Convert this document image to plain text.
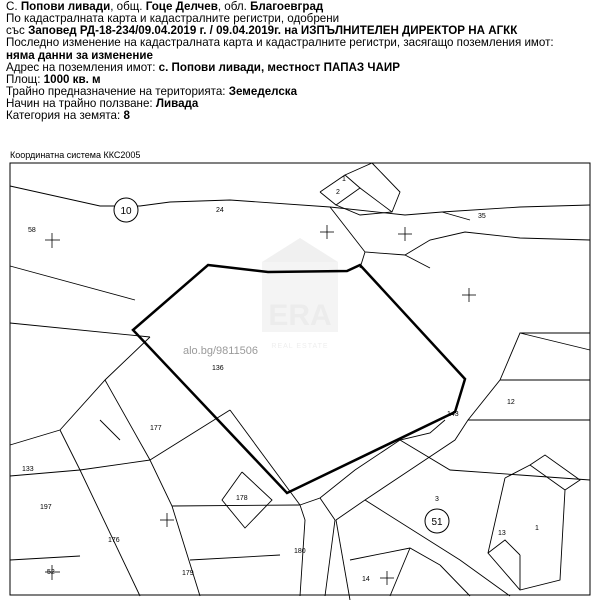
С. Попови ливади, общ. Гоце Делчев, обл. Благоевград
По кадастралната карта и кадастралните регистри, одобрени
със Заповед РД-18-234/09.04.2019 г. / 09.04.2019г. на ИЗПЪЛНИТЕЛЕН ДИРЕКТОР НА АГКК
Последно изменение на кадастралната карта и кадастралните регистри, засягащо поземления имот:
няма данни за изменение
Адрес на поземления имот: с. Попови ливади, местност ПАПАЗ ЧАИР
Площ: 1000 кв. м
Трайно предназначение на територията: Земеделска
Начин на трайно ползване: Ливада
Категория на земята: 8
Координатна система ККС2005
ERA
REAL ESTATE
10
51
58
24
1
2
35
136
12
143
177
133
197
178	3
13
1
176
180
52	179
14
alo.bg/9811506
